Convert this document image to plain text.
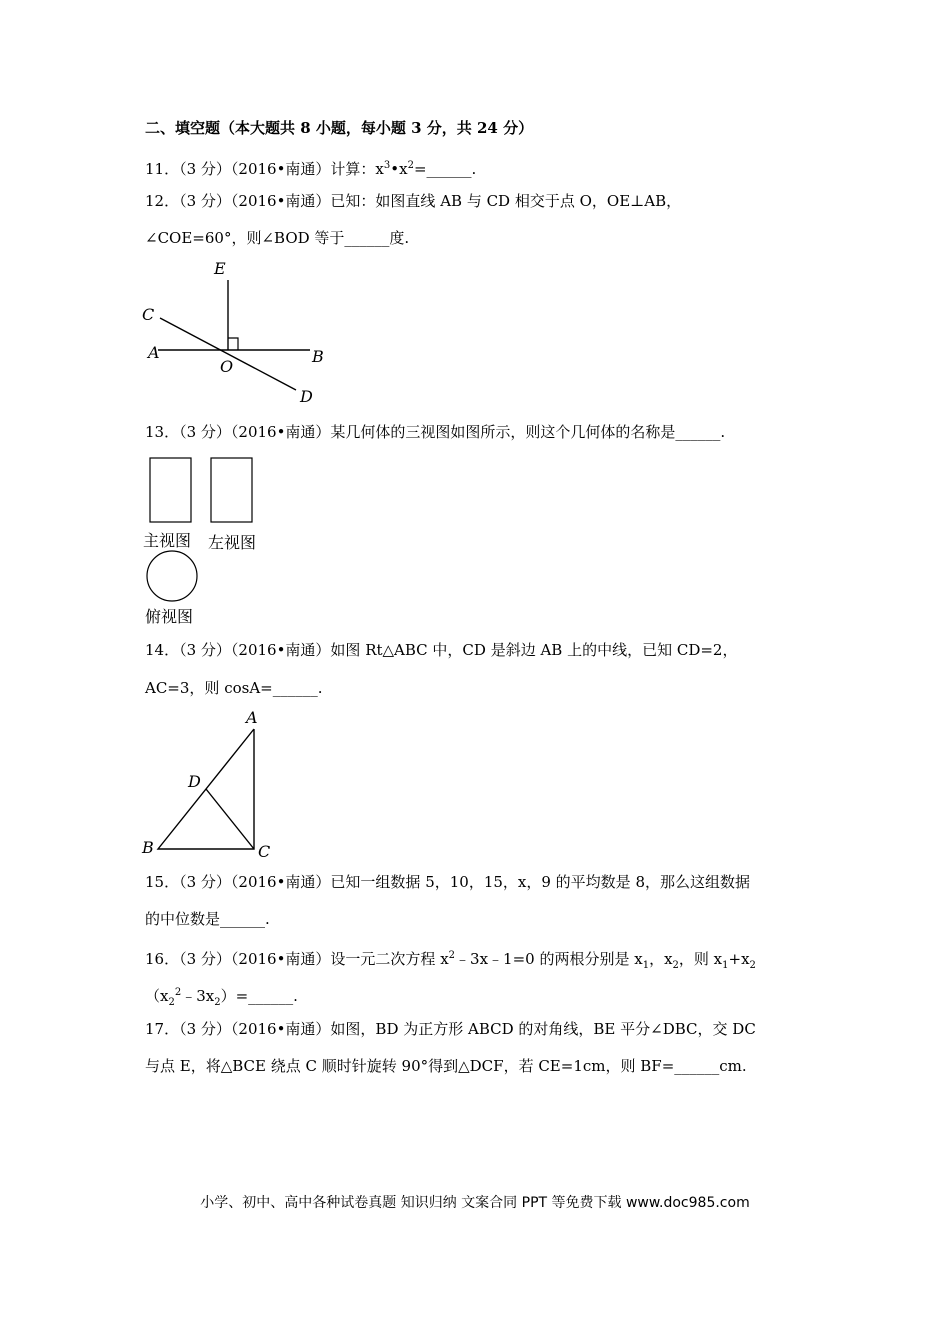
二、填空题（本大题共 8 小题，每小题 3 分，共 24 分）
11．（3 分）（2016•南通）计算：$x^3•x^2=\_\_\_\_\_\_$.
12．（3 分）（2016•南通）已知：如图直线 AB 与 CD 相交于点 O，OE⊥AB，
∠COE=60°，则∠BOD 等于______度.
E
C
A
O
B
D
13．（3 分）（2016•南通）某几何体的三视图如图所示，则这个几何体的名称是______.
主视图 左视图
俯视图
14．（3 分）（2016•南通）如图 Rt△ABC 中，CD 是斜边 AB 上的中线，已知 CD=2，
AC=3，则 cosA=______.
A
D
B	C
15．（3 分）（2016•南通）已知一组数据 5，10，15，x，9 的平均数是 8，那么这组数据
的中位数是______.
16．（3 分）（2016•南通）设一元二次方程 $x^2﹣3x﹣1=0$ 的两根分别是 $x_1$，$x_2$，则 $x_1+x_2$
$(x_2^2﹣3x_2)=\_\_\_\_\_\_$.
17．（3 分）（2016•南通）如图，BD 为正方形 ABCD 的对角线，BE 平分∠DBC，交 DC
与点 E，将△BCE 绕点 C 顺时针旋转 90°得到△DCF，若 CE=1cm，则 BF=______cm.
小学、初中、高中各种试卷真题 知识归纳 文案合同 PPT 等免费下载 www.doc985.com
